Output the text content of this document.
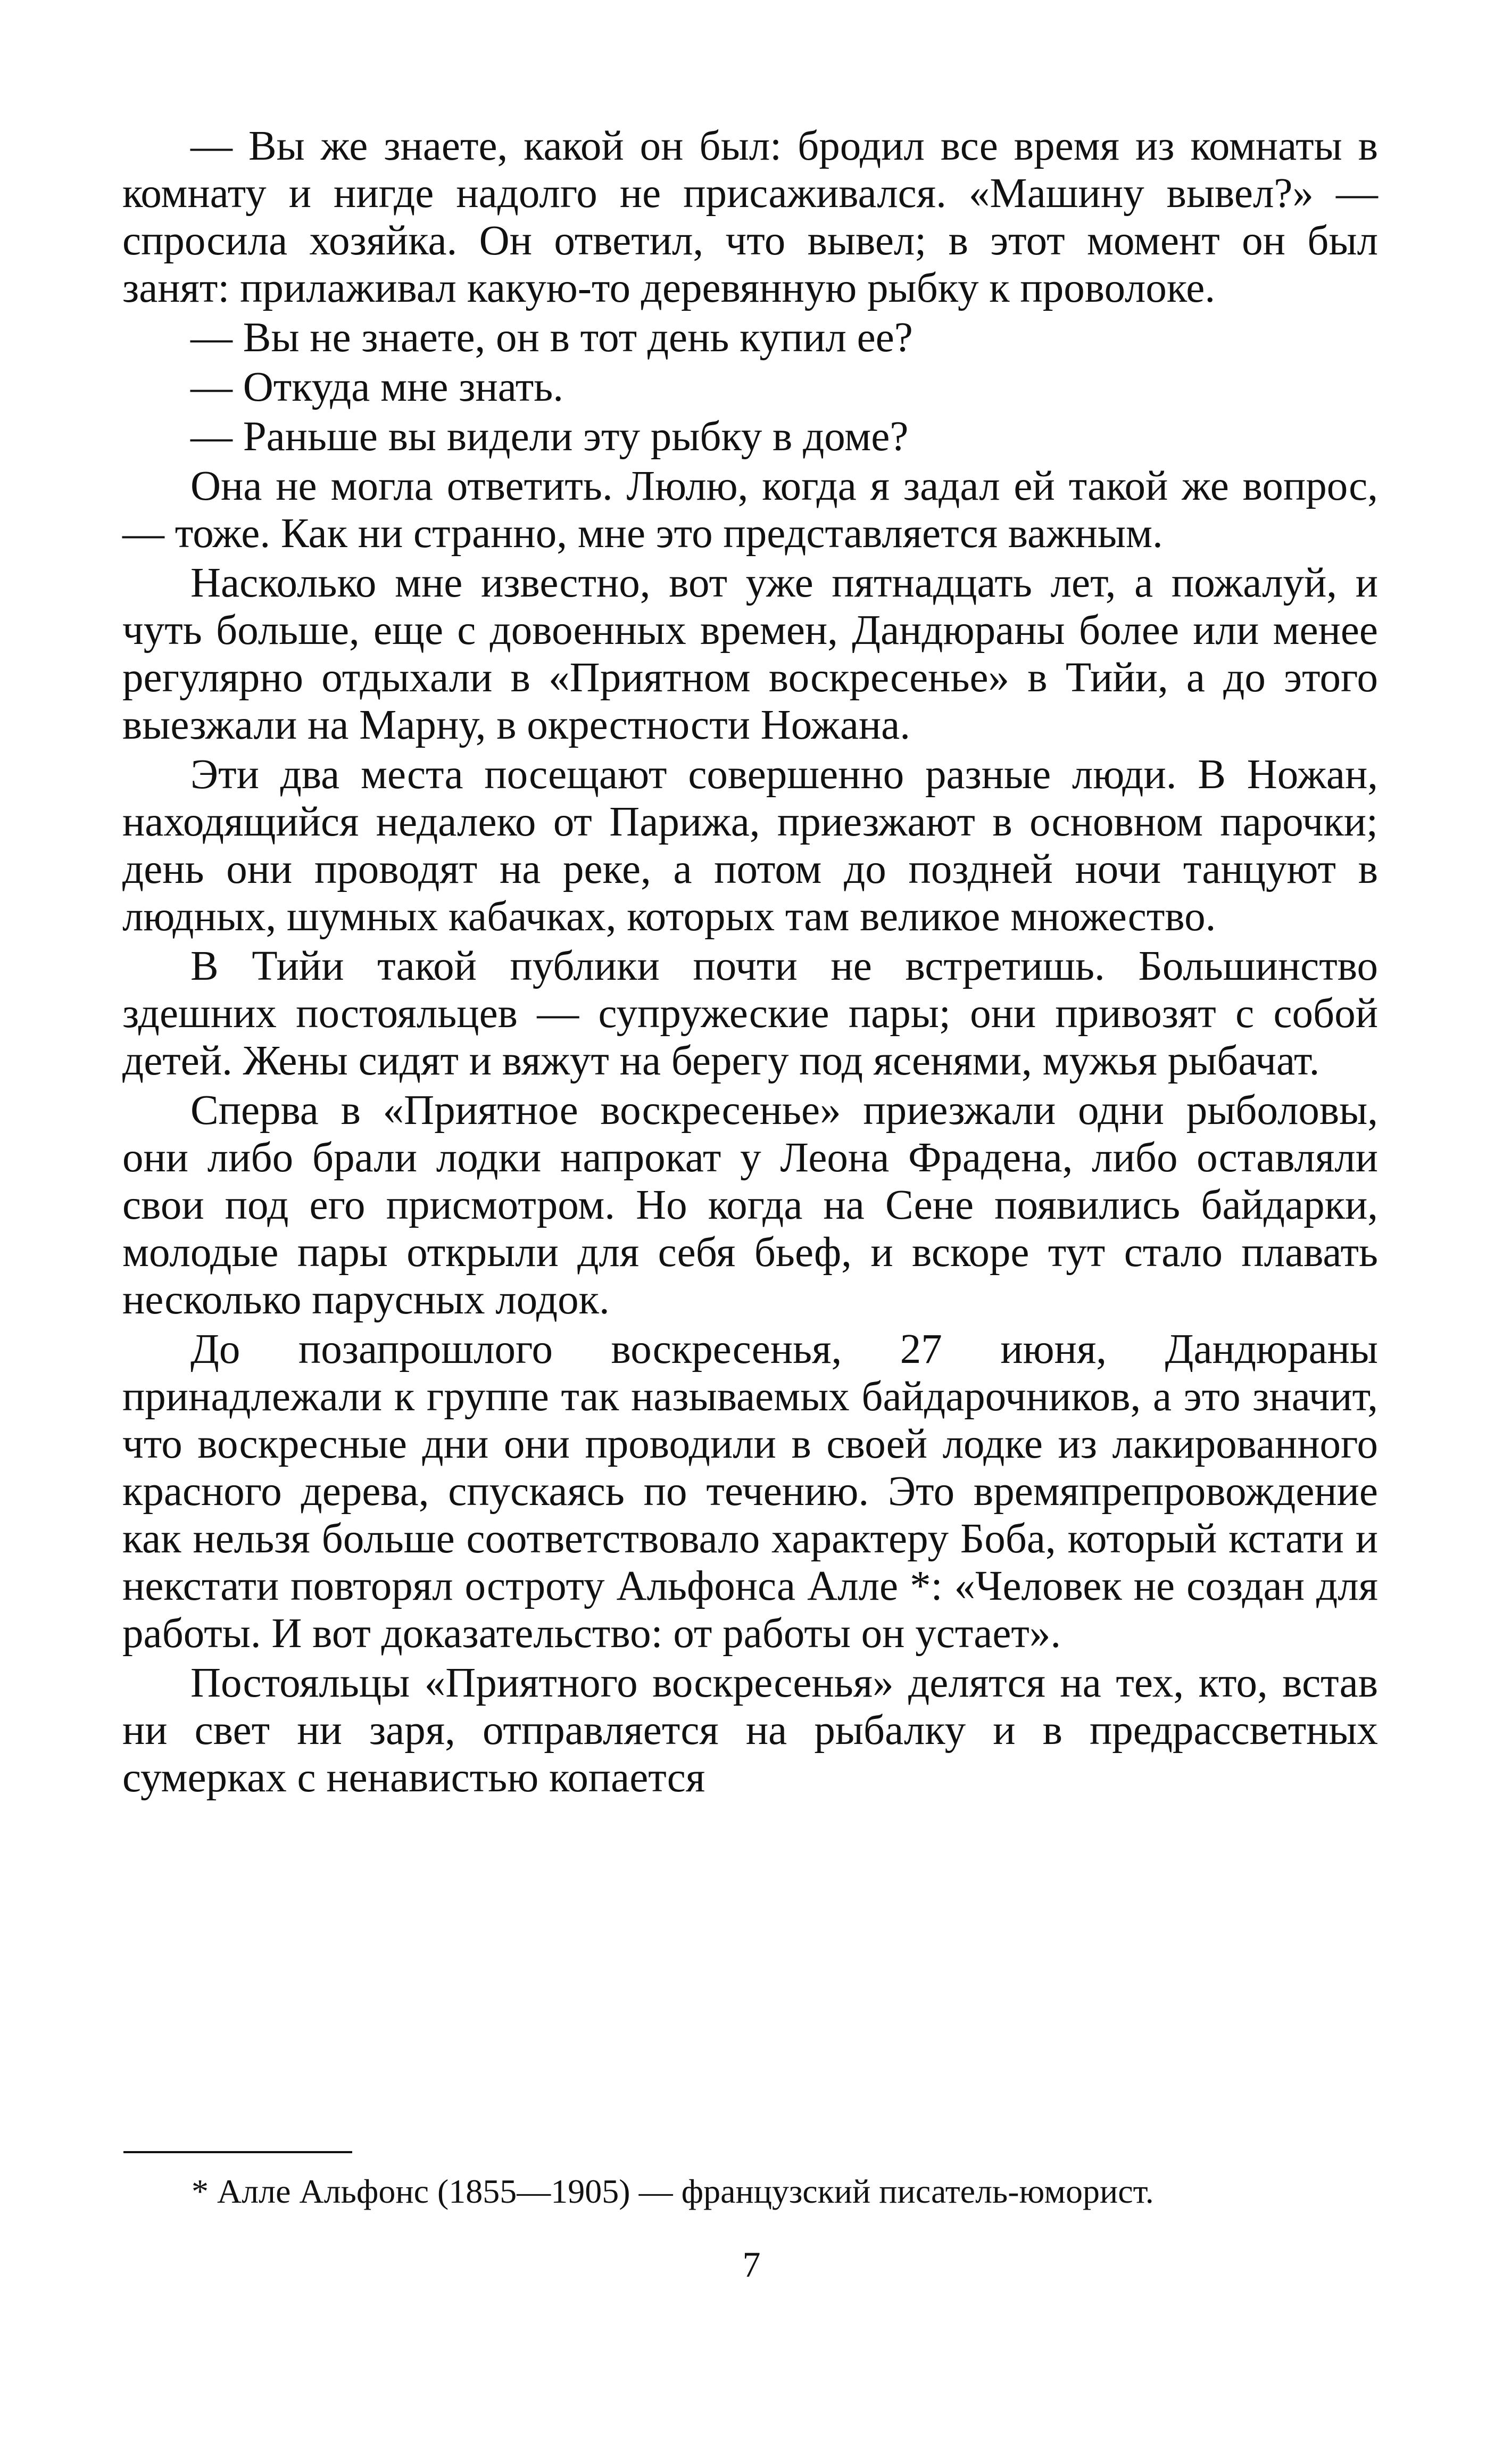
— Вы же знаете, какой он был: бродил все время из комнаты в комнату и нигде надолго не присаживался. «Машину вывел?» — спросила хозяйка. Он ответил, что вывел; в этот момент он был занят: прилаживал какую-то деревянную рыбку к проволоке.

— Вы не знаете, он в тот день купил ее?

— Откуда мне знать.

— Раньше вы видели эту рыбку в доме?

Она не могла ответить. Люлю, когда я задал ей такой же вопрос, — тоже. Как ни странно, мне это представляется важным.

Насколько мне известно, вот уже пятнадцать лет, а пожалуй, и чуть больше, еще с довоенных времен, Дандюраны более или менее регулярно отдыхали в «Приятном воскресенье» в Тийи, а до этого выезжали на Марну, в окрестности Ножана.

Эти два места посещают совершенно разные люди. В Ножан, находящийся недалеко от Парижа, приезжают в основном парочки; день они проводят на реке, а потом до поздней ночи танцуют в людных, шумных кабачках, которых там великое множество.

В Тийи такой публики почти не встретишь. Большинство здешних постояльцев — супружеские пары; они привозят с собой детей. Жены сидят и вяжут на берегу под ясенями, мужья рыбачат.

Сперва в «Приятное воскресенье» приезжали одни рыболовы, они либо брали лодки напрокат у Леона Фрадена, либо оставляли свои под его присмотром. Но когда на Сене появились байдарки, молодые пары открыли для себя бьеф, и вскоре тут стало плавать несколько парусных лодок.

До позапрошлого воскресенья, 27 июня, Дандюраны принадлежали к группе так называемых байдарочников, а это значит, что воскресные дни они проводили в своей лодке из лакированного красного дерева, спускаясь по течению. Это времяпрепровождение как нельзя больше соответствовало характеру Боба, который кстати и некстати повторял остроту Альфонса Алле *: «Человек не создан для работы. И вот доказательство: от работы он устает».

Постояльцы «Приятного воскресенья» делятся на тех, кто, встав ни свет ни заря, отправляется на рыбалку и в предрассветных сумерках с ненавистью копается

* Алле Альфонс (1855—1905) — французский писатель-юморист.
7
